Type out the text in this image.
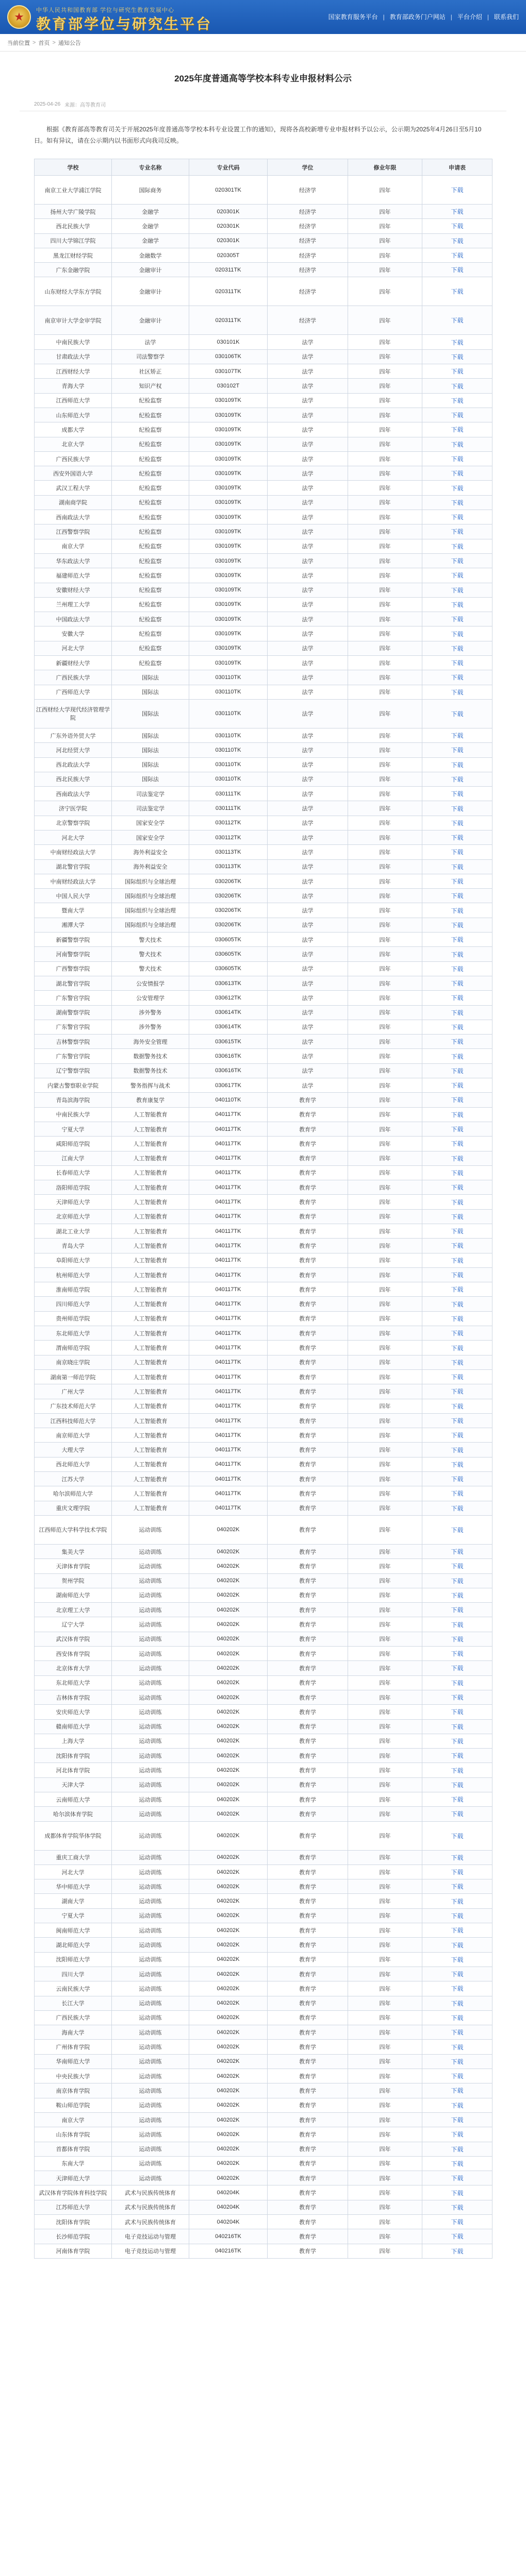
★
中华人民共和国教育部 学位与研究生教育发展中心
教育部学位与研究生平台	国家教育服务平台 | 教育部政务门户网站 | 平台介绍 | 联系我们
当前位置 > 首页 > 通知公告
2025年度普通高等学校本科专业申报材料公示
2025-04-26 来源：高等教育司

根据《教育部高等教育司关于开展2025年度普通高等学校本科专业设置工作的通知》，现将各高校新增专业申报材料予以公示，公示期为2025年4月26日至5月10日。如有异议，请在公示期内以书面形式向我司反映。

学校	专业名称	专业代码	学位	修业年限	申请表
南京工业大学浦江学院	国际商务	020301TK	经济学	四年	下载
扬州大学广陵学院	金融学	020301K	经济学	四年	下载
西北民族大学	金融学	020301K	经济学	四年	下载
四川大学锦江学院	金融学	020301K	经济学	四年	下载
黑龙江财经学院	金融数学	020305T	经济学	四年	下载
广东金融学院	金融审计	020311TK	经济学	四年	下载
山东财经大学东方学院	金融审计	020311TK	经济学	四年	下载
南京审计大学金审学院	金融审计	020311TK	经济学	四年	下载
中南民族大学	法学	030101K	法学	四年	下载
甘肃政法大学	司法警察学	030106TK	法学	四年	下载
江西财经大学	社区矫正	030107TK	法学	四年	下载
青海大学	知识产权	030102T	法学	四年	下载
江西师范大学	纪检监察	030109TK	法学	四年	下载
山东师范大学	纪检监察	030109TK	法学	四年	下载
成都大学	纪检监察	030109TK	法学	四年	下载
北京大学	纪检监察	030109TK	法学	四年	下载
广西民族大学	纪检监察	030109TK	法学	四年	下载
西安外国语大学	纪检监察	030109TK	法学	四年	下载
武汉工程大学	纪检监察	030109TK	法学	四年	下载
湖南商学院	纪检监察	030109TK	法学	四年	下载
西南政法大学	纪检监察	030109TK	法学	四年	下载
江西警察学院	纪检监察	030109TK	法学	四年	下载
南京大学	纪检监察	030109TK	法学	四年	下载
华东政法大学	纪检监察	030109TK	法学	四年	下载
福建师范大学	纪检监察	030109TK	法学	四年	下载
安徽财经大学	纪检监察	030109TK	法学	四年	下载
兰州理工大学	纪检监察	030109TK	法学	四年	下载
中国政法大学	纪检监察	030109TK	法学	四年	下载
安徽大学	纪检监察	030109TK	法学	四年	下载
河北大学	纪检监察	030109TK	法学	四年	下载
新疆财经大学	纪检监察	030109TK	法学	四年	下载
广西民族大学	国际法	030110TK	法学	四年	下载
广西师范大学	国际法	030110TK	法学	四年	下载
江西财经大学现代经济管理学院	国际法	030110TK	法学	四年	下载
广东外语外贸大学	国际法	030110TK	法学	四年	下载
河北经贸大学	国际法	030110TK	法学	四年	下载
西北政法大学	国际法	030110TK	法学	四年	下载
西北民族大学	国际法	030110TK	法学	四年	下载
西南政法大学	司法鉴定学	030111TK	法学	四年	下载
济宁医学院	司法鉴定学	030111TK	法学	四年	下载
北京警察学院	国家安全学	030112TK	法学	四年	下载
河北大学	国家安全学	030112TK	法学	四年	下载
中南财经政法大学	海外利益安全	030113TK	法学	四年	下载
湖北警官学院	海外利益安全	030113TK	法学	四年	下载
中南财经政法大学	国际组织与全球治理	030206TK	法学	四年	下载
中国人民大学	国际组织与全球治理	030206TK	法学	四年	下载
暨南大学	国际组织与全球治理	030206TK	法学	四年	下载
湘潭大学	国际组织与全球治理	030206TK	法学	四年	下载
新疆警察学院	警犬技术	030605TK	法学	四年	下载
河南警察学院	警犬技术	030605TK	法学	四年	下载
广西警察学院	警犬技术	030605TK	法学	四年	下载
湖北警官学院	公安情报学	030613TK	法学	四年	下载
广东警官学院	公安管理学	030612TK	法学	四年	下载
湖南警察学院	涉外警务	030614TK	法学	四年	下载
广东警官学院	涉外警务	030614TK	法学	四年	下载
吉林警察学院	海外安全管理	030615TK	法学	四年	下载
广东警官学院	数据警务技术	030616TK	法学	四年	下载
辽宁警察学院	数据警务技术	030616TK	法学	四年	下载
内蒙古警察职业学院	警务指挥与战术	030617TK	法学	四年	下载
青岛滨海学院	教育康复学	040110TK	教育学	四年	下载
中南民族大学	人工智能教育	040117TK	教育学	四年	下载
宁夏大学	人工智能教育	040117TK	教育学	四年	下载
咸阳师范学院	人工智能教育	040117TK	教育学	四年	下载
江南大学	人工智能教育	040117TK	教育学	四年	下载
长春师范大学	人工智能教育	040117TK	教育学	四年	下载
洛阳师范学院	人工智能教育	040117TK	教育学	四年	下载
天津师范大学	人工智能教育	040117TK	教育学	四年	下载
北京师范大学	人工智能教育	040117TK	教育学	四年	下载
湖北工业大学	人工智能教育	040117TK	教育学	四年	下载
青岛大学	人工智能教育	040117TK	教育学	四年	下载
阜阳师范大学	人工智能教育	040117TK	教育学	四年	下载
杭州师范大学	人工智能教育	040117TK	教育学	四年	下载
淮南师范学院	人工智能教育	040117TK	教育学	四年	下载
四川师范大学	人工智能教育	040117TK	教育学	四年	下载
贵州师范学院	人工智能教育	040117TK	教育学	四年	下载
东北师范大学	人工智能教育	040117TK	教育学	四年	下载
渭南师范学院	人工智能教育	040117TK	教育学	四年	下载
南京晓庄学院	人工智能教育	040117TK	教育学	四年	下载
湖南第一师范学院	人工智能教育	040117TK	教育学	四年	下载
广州大学	人工智能教育	040117TK	教育学	四年	下载
广东技术师范大学	人工智能教育	040117TK	教育学	四年	下载
江西科技师范大学	人工智能教育	040117TK	教育学	四年	下载
南京师范大学	人工智能教育	040117TK	教育学	四年	下载
大理大学	人工智能教育	040117TK	教育学	四年	下载
西北师范大学	人工智能教育	040117TK	教育学	四年	下载
江苏大学	人工智能教育	040117TK	教育学	四年	下载
哈尔滨师范大学	人工智能教育	040117TK	教育学	四年	下载
重庆文理学院	人工智能教育	040117TK	教育学	四年	下载
江西师范大学科学技术学院	运动训练	040202K	教育学	四年	下载
集美大学	运动训练	040202K	教育学	四年	下载
天津体育学院	运动训练	040202K	教育学	四年	下载
贺州学院	运动训练	040202K	教育学	四年	下载
湖南师范大学	运动训练	040202K	教育学	四年	下载
北京理工大学	运动训练	040202K	教育学	四年	下载
辽宁大学	运动训练	040202K	教育学	四年	下载
武汉体育学院	运动训练	040202K	教育学	四年	下载
西安体育学院	运动训练	040202K	教育学	四年	下载
北京体育大学	运动训练	040202K	教育学	四年	下载
东北师范大学	运动训练	040202K	教育学	四年	下载
吉林体育学院	运动训练	040202K	教育学	四年	下载
安庆师范大学	运动训练	040202K	教育学	四年	下载
赣南师范大学	运动训练	040202K	教育学	四年	下载
上海大学	运动训练	040202K	教育学	四年	下载
沈阳体育学院	运动训练	040202K	教育学	四年	下载
河北体育学院	运动训练	040202K	教育学	四年	下载
天津大学	运动训练	040202K	教育学	四年	下载
云南师范大学	运动训练	040202K	教育学	四年	下载
哈尔滨体育学院	运动训练	040202K	教育学	四年	下载
成都体育学院华体学院	运动训练	040202K	教育学	四年	下载
重庆工商大学	运动训练	040202K	教育学	四年	下载
河北大学	运动训练	040202K	教育学	四年	下载
华中师范大学	运动训练	040202K	教育学	四年	下载
湖南大学	运动训练	040202K	教育学	四年	下载
宁夏大学	运动训练	040202K	教育学	四年	下载
闽南师范大学	运动训练	040202K	教育学	四年	下载
湖北师范大学	运动训练	040202K	教育学	四年	下载
沈阳师范大学	运动训练	040202K	教育学	四年	下载
四川大学	运动训练	040202K	教育学	四年	下载
云南民族大学	运动训练	040202K	教育学	四年	下载
长江大学	运动训练	040202K	教育学	四年	下载
广西民族大学	运动训练	040202K	教育学	四年	下载
海南大学	运动训练	040202K	教育学	四年	下载
广州体育学院	运动训练	040202K	教育学	四年	下载
华南师范大学	运动训练	040202K	教育学	四年	下载
中央民族大学	运动训练	040202K	教育学	四年	下载
南京体育学院	运动训练	040202K	教育学	四年	下载
鞍山师范学院	运动训练	040202K	教育学	四年	下载
南京大学	运动训练	040202K	教育学	四年	下载
山东体育学院	运动训练	040202K	教育学	四年	下载
首都体育学院	运动训练	040202K	教育学	四年	下载
东南大学	运动训练	040202K	教育学	四年	下载
天津师范大学	运动训练	040202K	教育学	四年	下载
武汉体育学院体育科技学院	武术与民族传统体育	040204K	教育学	四年	下载
江苏师范大学	武术与民族传统体育	040204K	教育学	四年	下载
沈阳体育学院	武术与民族传统体育	040204K	教育学	四年	下载
长沙师范学院	电子竞技运动与管理	040216TK	教育学	四年	下载
河南体育学院	电子竞技运动与管理	040216TK	教育学	四年	下载
